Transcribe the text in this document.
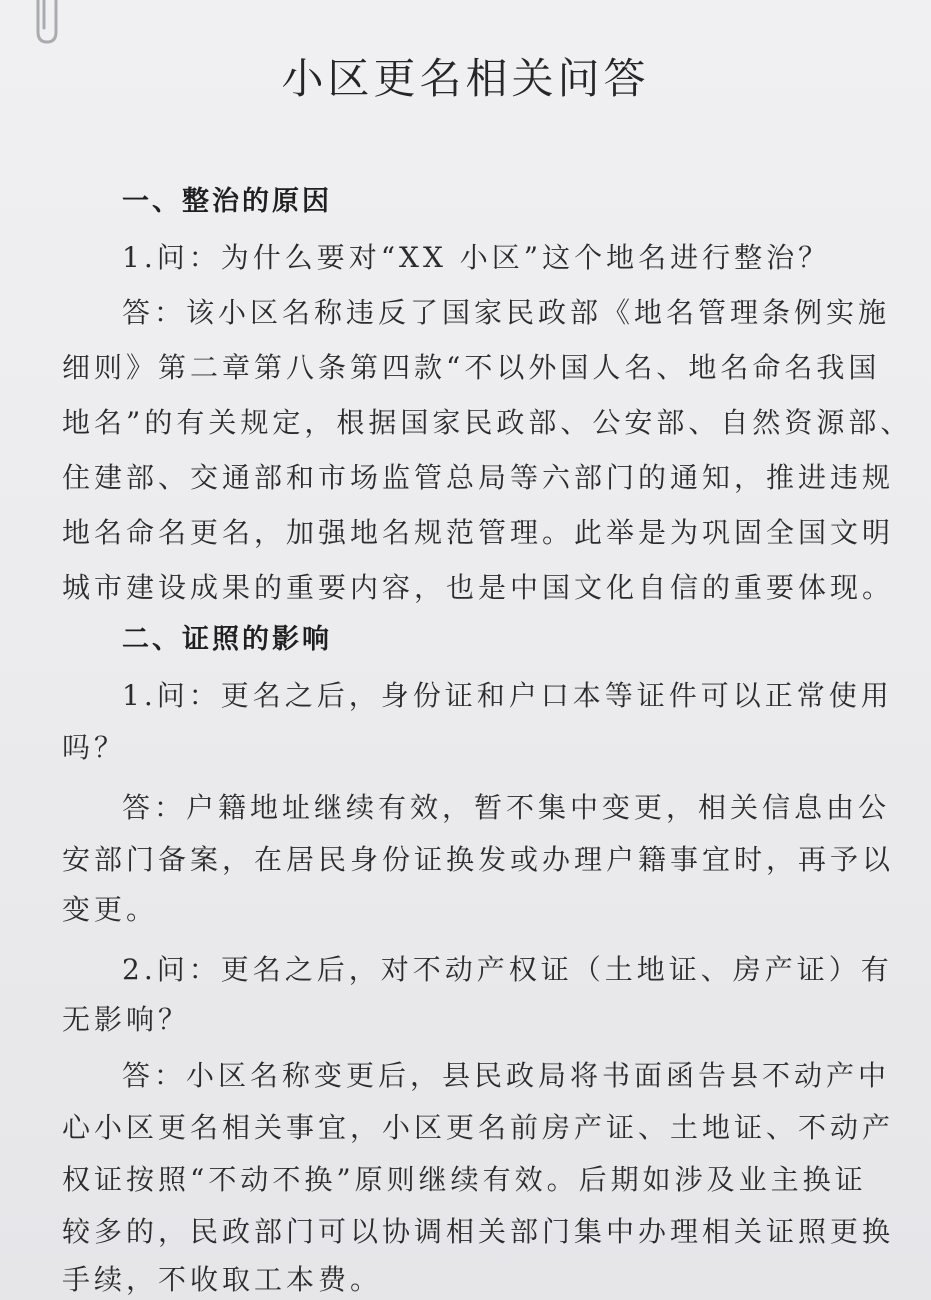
小区更名相关问答

一、整治的原因

1.问：为什么要对“XX 小区”这个地名进行整治？

答：该小区名称违反了国家民政部《地名管理条例实施

细则》第二章第八条第四款“不以外国人名、地名命名我国

地名”的有关规定，根据国家民政部、公安部、自然资源部、

住建部、交通部和市场监管总局等六部门的通知，推进违规

地名命名更名，加强地名规范管理。此举是为巩固全国文明

城市建设成果的重要内容，也是中国文化自信的重要体现。

二、证照的影响

1.问：更名之后，身份证和户口本等证件可以正常使用

吗？

答：户籍地址继续有效，暂不集中变更，相关信息由公

安部门备案，在居民身份证换发或办理户籍事宜时，再予以

变更。

2.问：更名之后，对不动产权证（土地证、房产证）有

无影响？

答：小区名称变更后，县民政局将书面函告县不动产中

心小区更名相关事宜，小区更名前房产证、土地证、不动产

权证按照“不动不换”原则继续有效。后期如涉及业主换证

较多的，民政部门可以协调相关部门集中办理相关证照更换

手续，不收取工本费。
